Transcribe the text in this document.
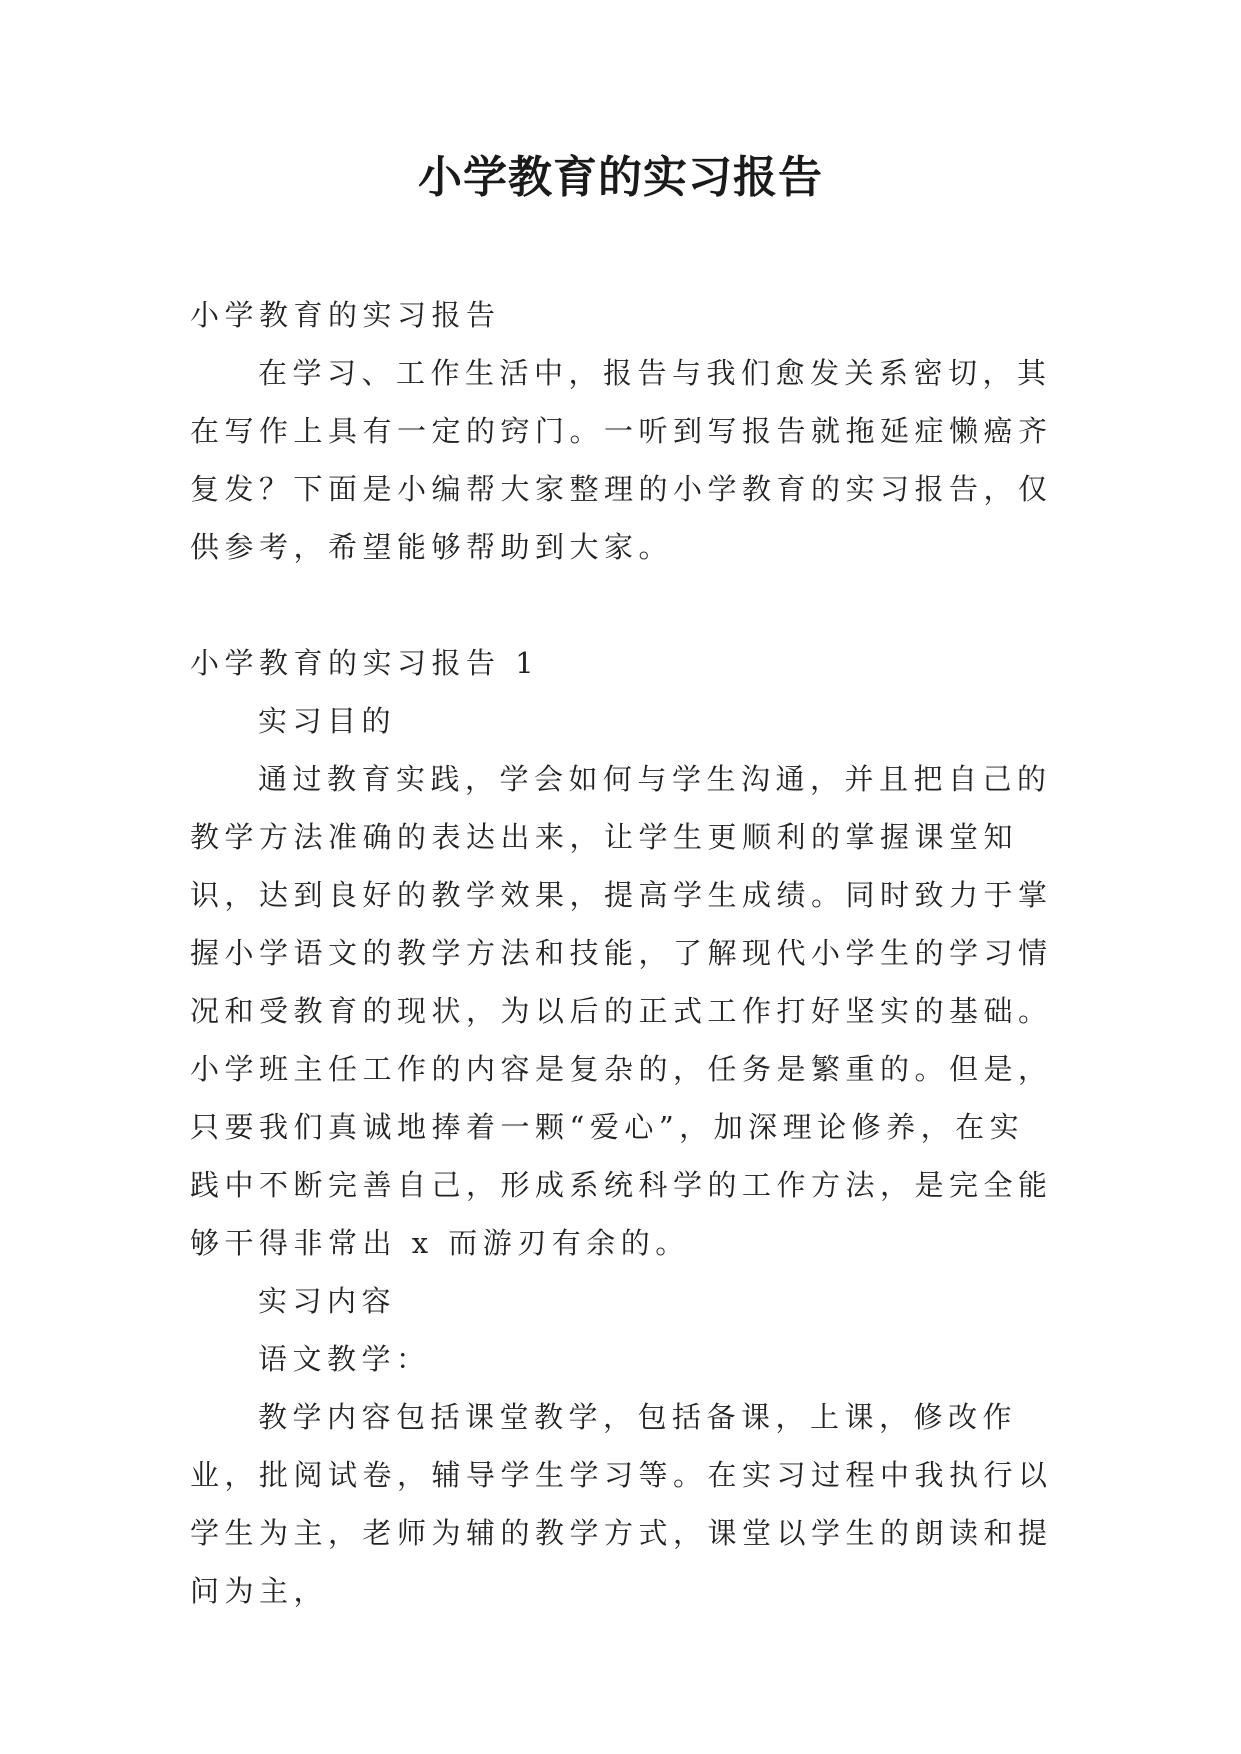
小学教育的实习报告

小学教育的实习报告

在学习、工作生活中，报告与我们愈发关系密切，其在写作上具有一定的窍门。一听到写报告就拖延症懒癌齐复发？下面是小编帮大家整理的小学教育的实习报告，仅供参考，希望能够帮助到大家。

小学教育的实习报告 1

实习目的

通过教育实践，学会如何与学生沟通，并且把自己的教学方法准确的表达出来，让学生更顺利的掌握课堂知识，达到良好的教学效果，提高学生成绩。同时致力于掌握小学语文的教学方法和技能，了解现代小学生的学习情况和受教育的现状，为以后的正式工作打好坚实的基础。小学班主任工作的内容是复杂的，任务是繁重的。但是，只要我们真诚地捧着一颗“爱心”，加深理论修养，在实践中不断完善自己，形成系统科学的工作方法，是完全能够干得非常出 x 而游刃有余的。

实习内容

语文教学：

教学内容包括课堂教学，包括备课，上课，修改作业，批阅试卷，辅导学生学习等。在实习过程中我执行以学生为主，老师为辅的教学方式，课堂以学生的朗读和提问为主，
